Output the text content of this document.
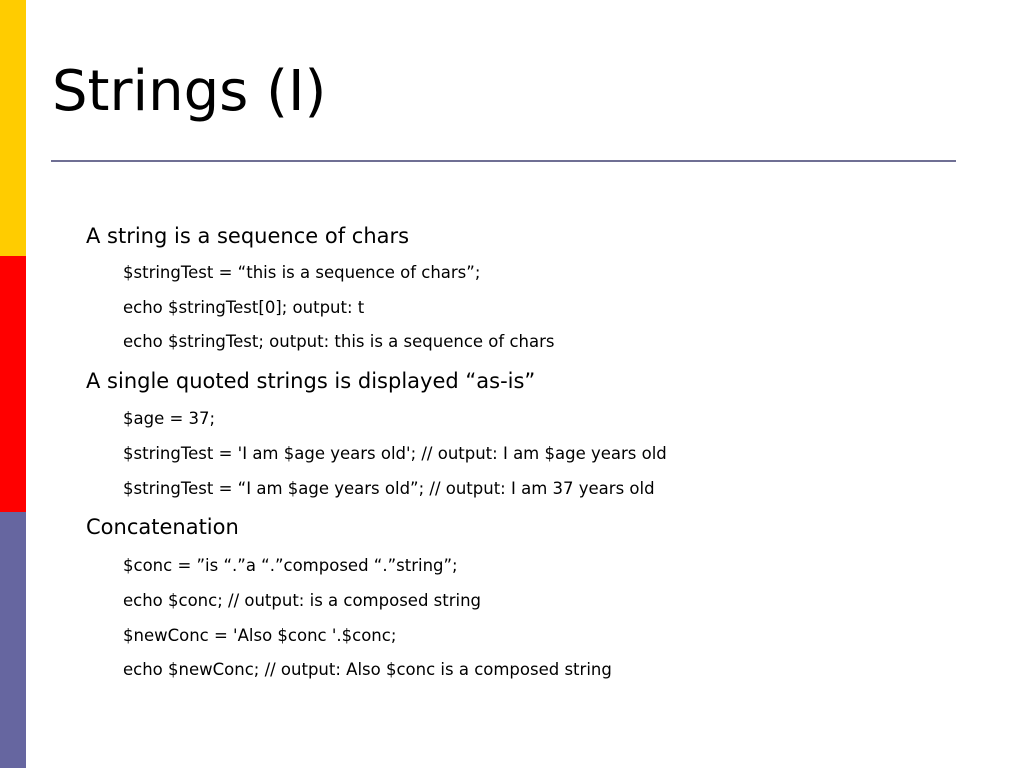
Strings (I)
A string is a sequence of chars
$stringTest = “this is a sequence of chars”;
echo $stringTest[0]; output: t
echo $stringTest; output: this is a sequence of chars
A single quoted strings is displayed “as-is”
$age = 37;
$stringTest = 'I am $age years old'; // output: I am $age years old
$stringTest = “I am $age years old”; // output: I am 37 years old
Concatenation
$conc = ”is “.”a “.”composed “.”string”;
echo $conc; // output: is a composed string
$newConc = 'Also $conc '.$conc;
echo $newConc; // output: Also $conc is a composed string
